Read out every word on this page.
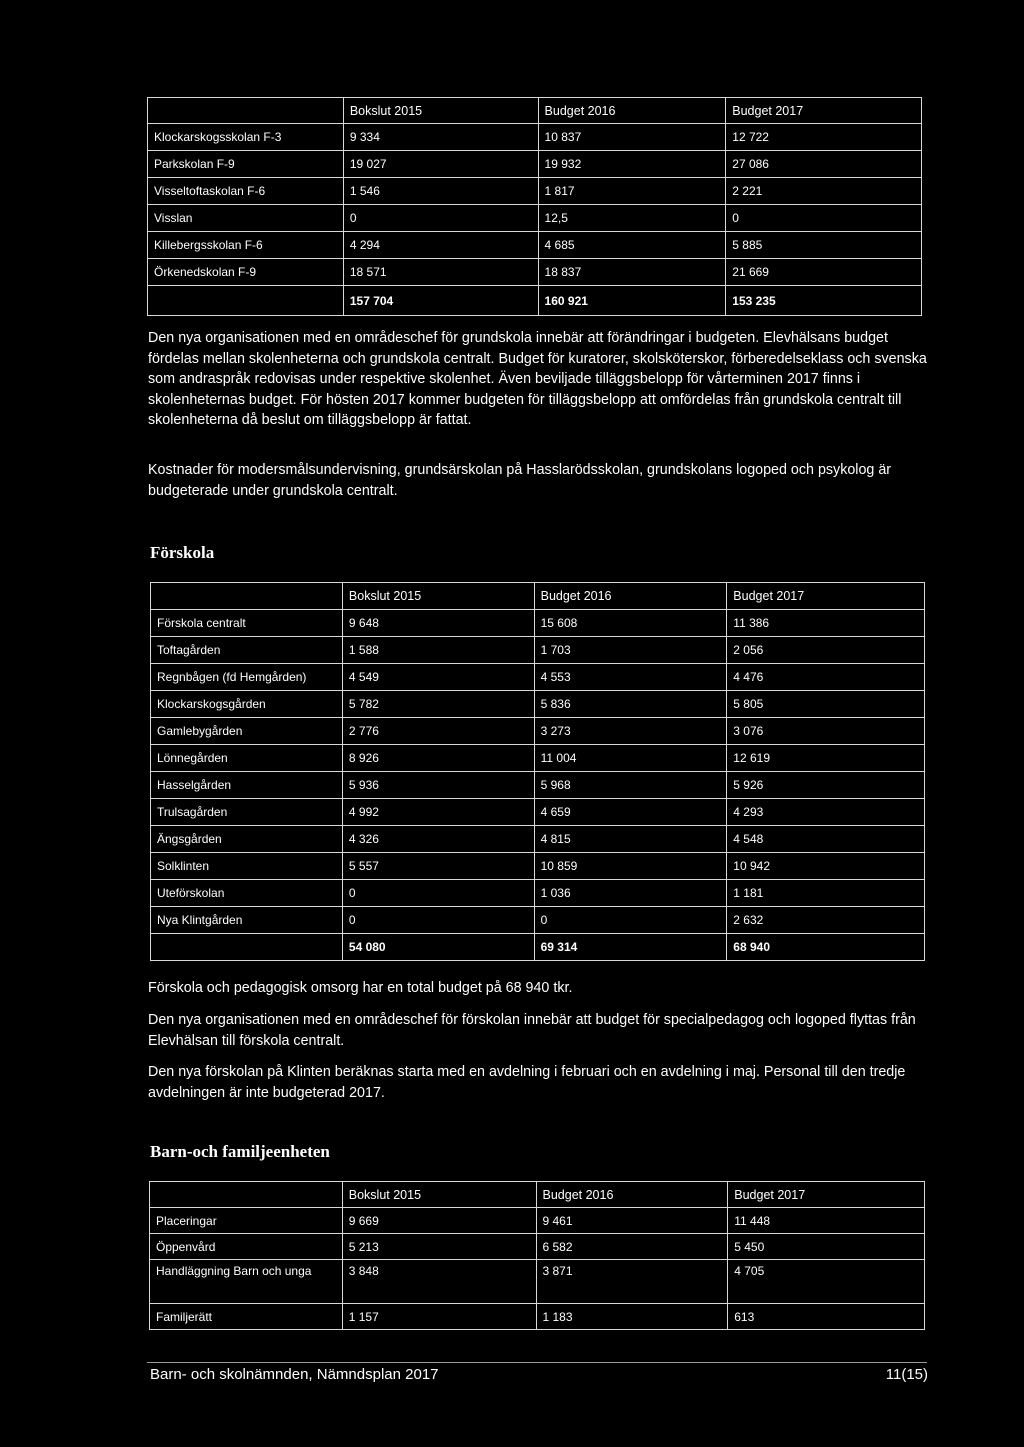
	Bokslut 2015	Budget 2016	Budget 2017
Klockarskogsskolan F-3	9 334	10 837	12 722
Parkskolan F-9	19 027	19 932	27 086
Visseltoftaskolan F-6	1 546	1 817	2 221
Visslan	0	12,5	0
Killebergsskolan F-6	4 294	4 685	5 885
Örkenedskolan F-9	18 571	18 837	21 669
	157 704	160 921	153 235

Den nya organisationen med en områdeschef för grundskola innebär att förändringar i budgeten. Elevhälsans budget fördelas mellan skolenheterna och grundskola centralt. Budget för kuratorer, skolsköterskor, förberedelseklass och svenska som andraspråk redovisas under respektive skolenhet. Även beviljade tilläggsbelopp för vårterminen 2017 finns i skolenheternas budget. För hösten 2017 kommer budgeten för tilläggsbelopp att omfördelas från grundskola centralt till skolenheterna då beslut om tilläggsbelopp är fattat.

Kostnader för modersmålsundervisning, grundsärskolan på Hasslarödsskolan, grundskolans logoped och psykolog är budgeterade under grundskola centralt.

Förskola
	Bokslut 2015	Budget 2016	Budget 2017
Förskola centralt	9 648	15 608	11 386
Toftagården	1 588	1 703	2 056
Regnbågen (fd Hemgården)	4 549	4 553	4 476
Klockarskogsgården	5 782	5 836	5 805
Gamlebygården	2 776	3 273	3 076
Lönnegården	8 926	11 004	12 619
Hasselgården	5 936	5 968	5 926
Trulsagården	4 992	4 659	4 293
Ängsgården	4 326	4 815	4 548
Solklinten	5 557	10 859	10 942
Uteförskolan	0	1 036	1 181
Nya Klintgården	0	0	2 632
	54 080	69 314	68 940

Förskola och pedagogisk omsorg har en total budget på 68 940 tkr.

Den nya organisationen med en områdeschef för förskolan innebär att budget för specialpedagog och logoped flyttas från Elevhälsan till förskola centralt.

Den nya förskolan på Klinten beräknas starta med en avdelning i februari och en avdelning i maj. Personal till den tredje avdelningen är inte budgeterad 2017.

Barn-och familjeenheten
	Bokslut 2015	Budget 2016	Budget 2017
Placeringar	9 669	9 461	11 448
Öppenvård	5 213	6 582	5 450
Handläggning Barn och unga	3 848	3 871	4 705
Familjerätt	1 157	1 183	613
Barn- och skolnämnden, Nämndsplan 2017	11(15)
